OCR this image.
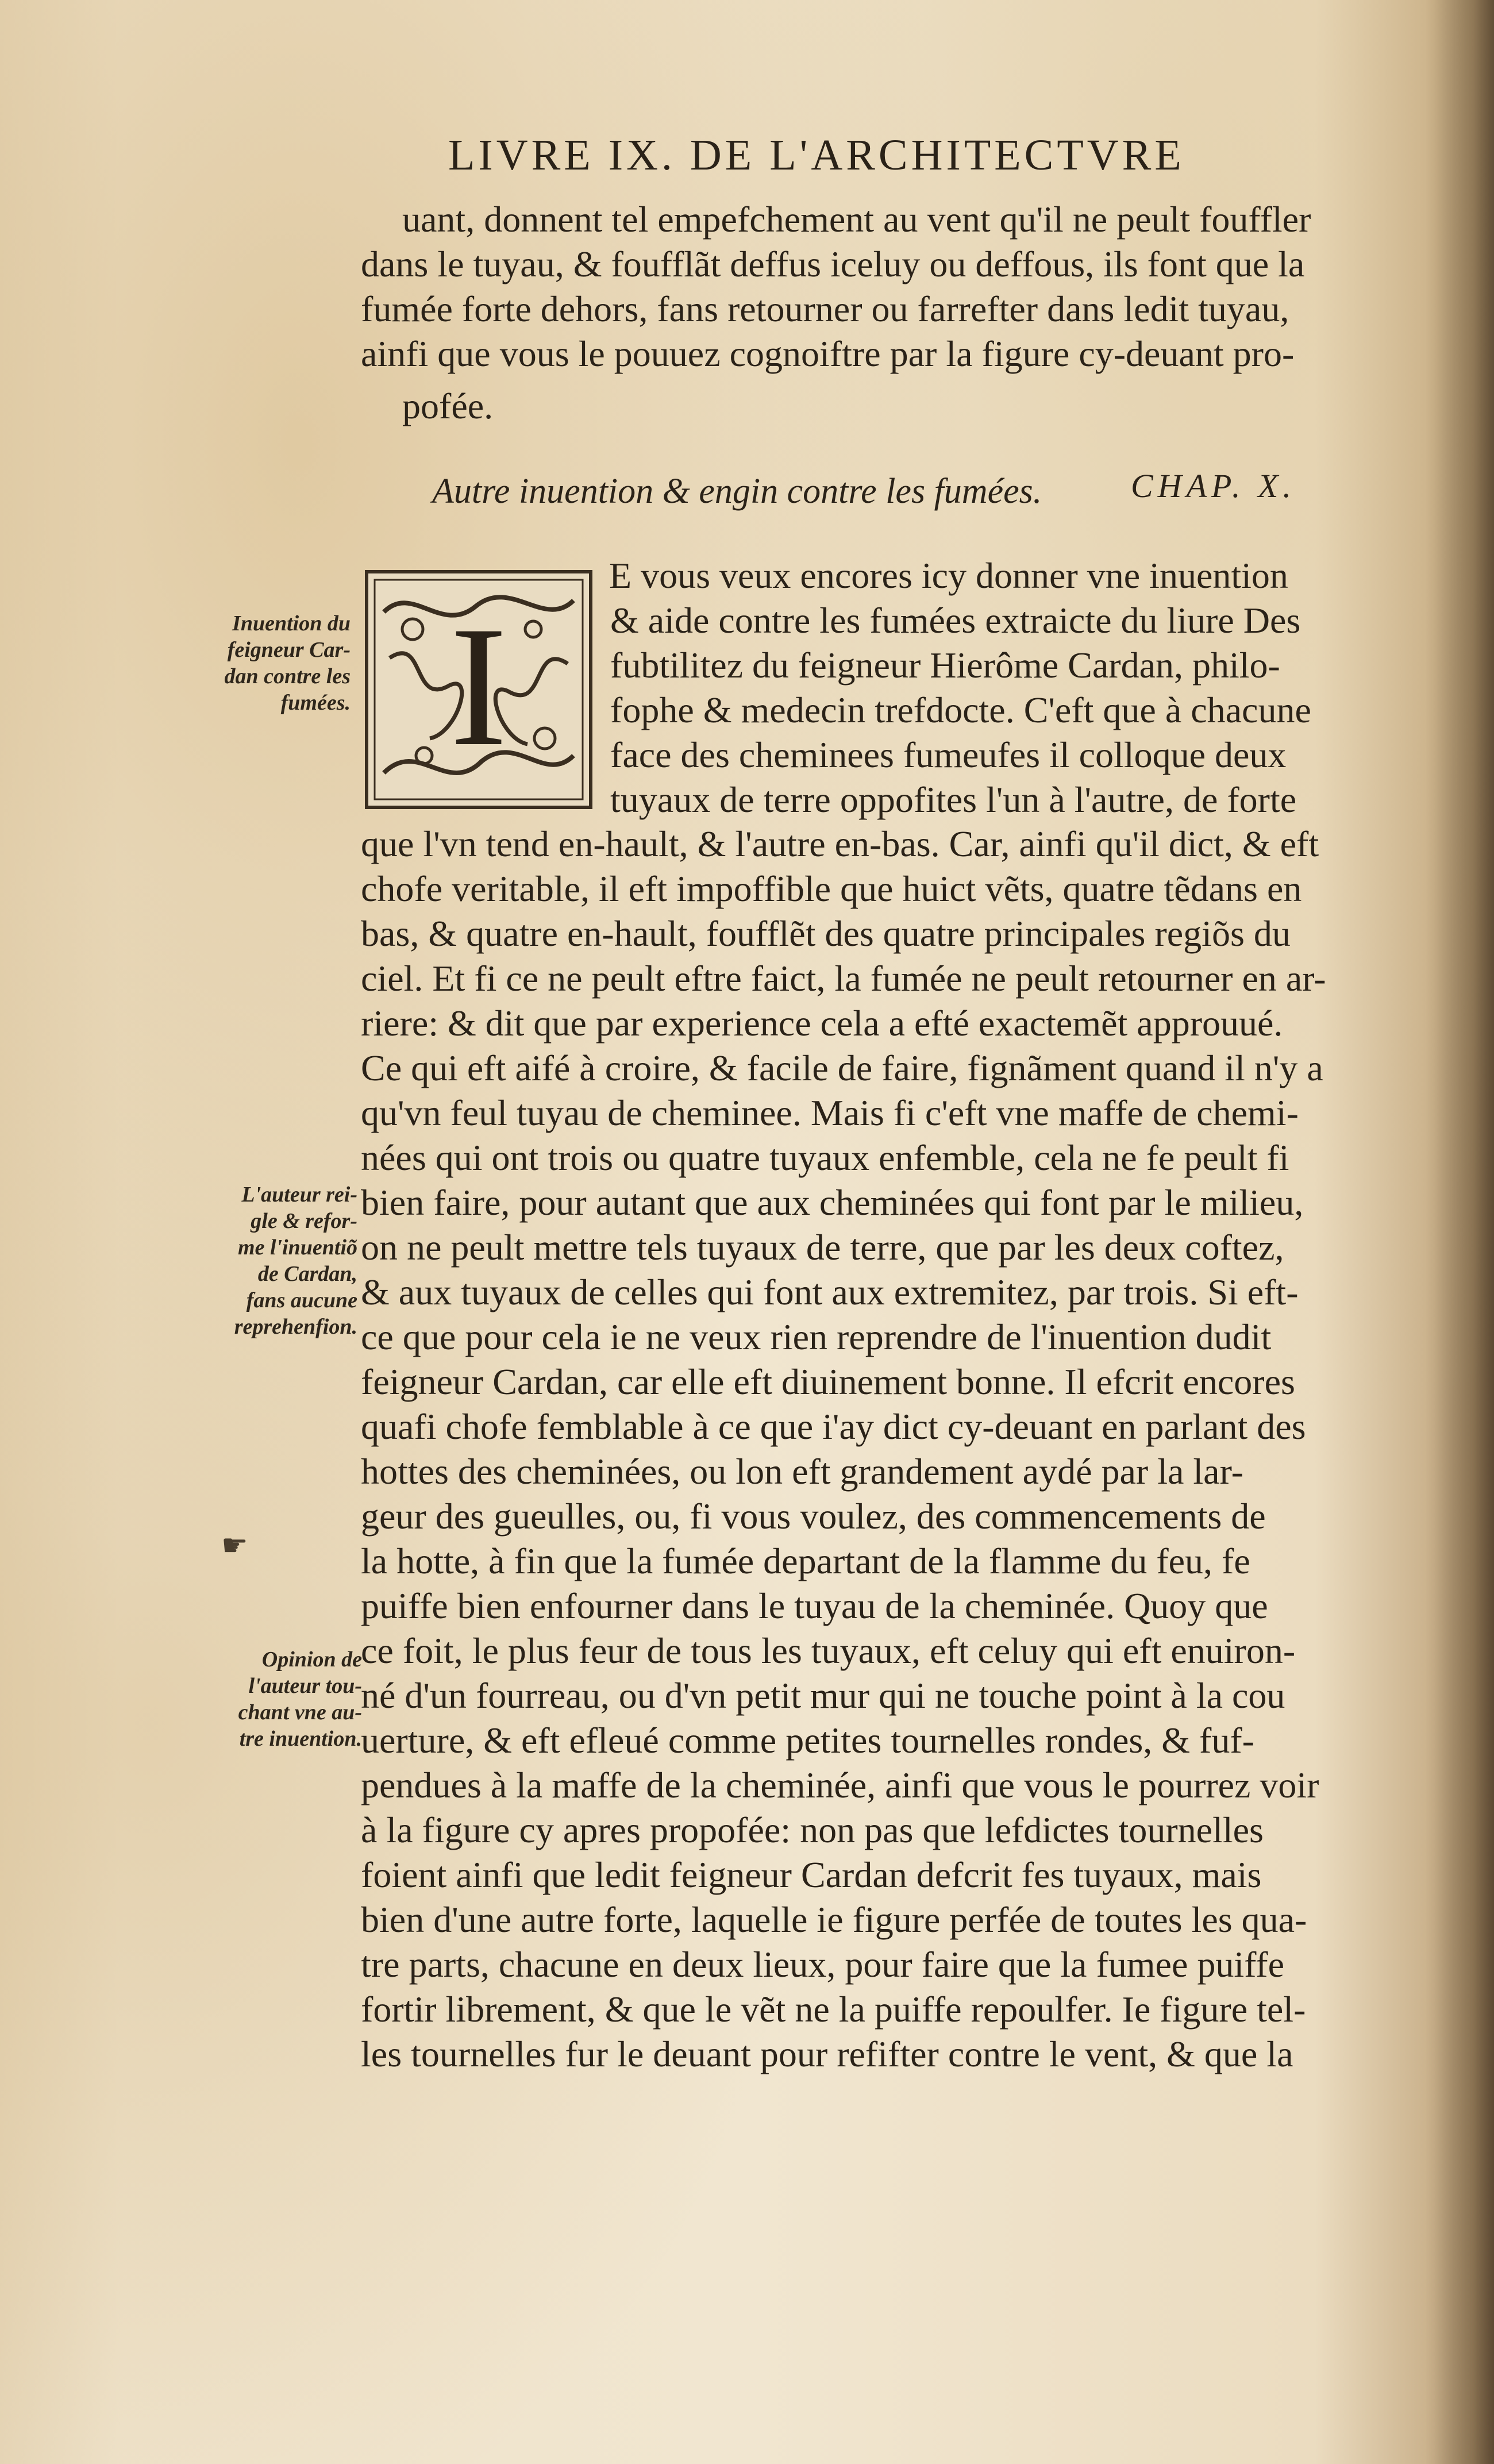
LIVRE IX. DE L'ARCHITECTVRE
uant, donnent tel empefchement au vent qu'il ne peult fouffler
dans le tuyau, & foufflãt deffus iceluy ou deffous, ils font que la
fumée forte dehors, fans retourner ou farrefter dans ledit tuyau,
ainfi que vous le pouuez cognoiftre par la figure cy-deuant pro-
pofée.
Autre inuention & engin contre les fumées.	CHAP. X.
I
E vous veux encores icy donner vne inuention
& aide contre les fumées extraicte du liure Des
fubtilitez du feigneur Hierôme Cardan, philo-
fophe & medecin trefdocte. C'eft que à chacune
face des cheminees fumeufes il colloque deux
tuyaux de terre oppofites l'un à l'autre, de forte
que l'vn tend en-hault, & l'autre en-bas. Car, ainfi qu'il dict, & eft
chofe veritable, il eft impoffible que huict vẽts, quatre tẽdans en
bas, & quatre en-hault, foufflẽt des quatre principales regiõs du
ciel. Et fi ce ne peult eftre faict, la fumée ne peult retourner en ar-
riere: & dit que par experience cela a efté exactemẽt approuué.
Ce qui eft aifé à croire, & facile de faire, fignãment quand il n'y a
qu'vn feul tuyau de cheminee. Mais fi c'eft vne maffe de chemi-
nées qui ont trois ou quatre tuyaux enfemble, cela ne fe peult fi
bien faire, pour autant que aux cheminées qui font par le milieu,
on ne peult mettre tels tuyaux de terre, que par les deux coftez,
& aux tuyaux de celles qui font aux extremitez, par trois. Si eft-
ce que pour cela ie ne veux rien reprendre de l'inuention dudit
feigneur Cardan, car elle eft diuinement bonne. Il efcrit encores
quafi chofe femblable à ce que i'ay dict cy-deuant en parlant des
hottes des cheminées, ou lon eft grandement aydé par la lar-
geur des gueulles, ou, fi vous voulez, des commencements de
la hotte, à fin que la fumée departant de la flamme du feu, fe
puiffe bien enfourner dans le tuyau de la cheminée. Quoy que
ce foit, le plus feur de tous les tuyaux, eft celuy qui eft enuiron-
né d'un fourreau, ou d'vn petit mur qui ne touche point à la cou
uerture, & eft efleué comme petites tournelles rondes, & fuf-
pendues à la maffe de la cheminée, ainfi que vous le pourrez voir
à la figure cy apres propofée: non pas que lefdictes tournelles
foient ainfi que ledit feigneur Cardan defcrit fes tuyaux, mais
bien d'une autre forte, laquelle ie figure perfée de toutes les qua-
tre parts, chacune en deux lieux, pour faire que la fumee puiffe
fortir librement, & que le vẽt ne la puiffe repoulfer. Ie figure tel-
les tournelles fur le deuant pour refifter contre le vent, & que la
Inuention du
feigneur Car-
dan contre les
fumées.
L'auteur rei-
gle & refor-
me l'inuentiõ
de Cardan,
fans aucune
reprehenfion.
Opinion de
l'auteur tou-
chant vne au-
tre inuention.
☛
